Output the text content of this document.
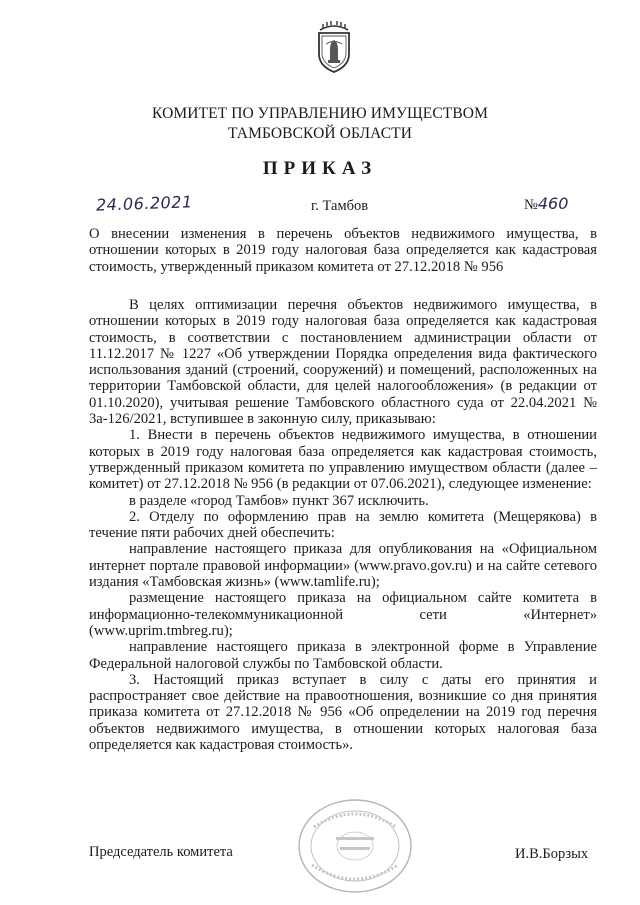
КОМИТЕТ ПО УПРАВЛЕНИЮ ИМУЩЕСТВОМ
ТАМБОВСКОЙ ОБЛАСТИ
ПРИКАЗ
24.06.2021	г. Тамбов	№460
О внесении изменения в перечень объектов недвижимого имущества, в отношении которых в 2019 году налоговая база определяется как кадастровая стоимость, утвержденный приказом комитета от 27.12.2018 № 956

В целях оптимизации перечня объектов недвижимого имущества, в отношении которых в 2019 году налоговая база определяется как кадастровая стоимость, в соответствии с постановлением администрации области от 11.12.2017 № 1227 «Об утверждении Порядка определения вида фактического использования зданий (строений, сооружений) и помещений, расположенных на территории Тамбовской области, для целей налогообложения» (в редакции от 01.10.2020), учитывая решение Тамбовского областного суда от 22.04.2021 № 3а-126/2021, вступившее в законную силу, приказываю:

1. Внести в перечень объектов недвижимого имущества, в отношении которых в 2019 году налоговая база определяется как кадастровая стоимость, утвержденный приказом комитета по управлению имуществом области (далее – комитет) от 27.12.2018 № 956 (в редакции от 07.06.2021), следующее изменение:

в разделе «город Тамбов» пункт 367 исключить.

2. Отделу по оформлению прав на землю комитета (Мещерякова) в течение пяти рабочих дней обеспечить:

направление настоящего приказа для опубликования на «Официальном интернет портале правовой информации» (www.pravo.gov.ru) и на сайте сетевого издания «Тамбовская жизнь» (www.tamlife.ru);

размещение настоящего приказа на официальном сайте комитета в информационно-телекоммуникационной сети «Интернет» (www.uprim.tmbreg.ru);

направление настоящего приказа в электронной форме в Управление Федеральной налоговой службы по Тамбовской области.

3. Настоящий приказ вступает в силу с даты его принятия и распространяет свое действие на правоотношения, возникшие со дня принятия приказа комитета от 27.12.2018 № 956 «Об определении на 2019 год перечня объектов недвижимого имущества, в отношении которых налоговая база определяется как кадастровая стоимость».

Председатель комитета	И.В.Борзых
